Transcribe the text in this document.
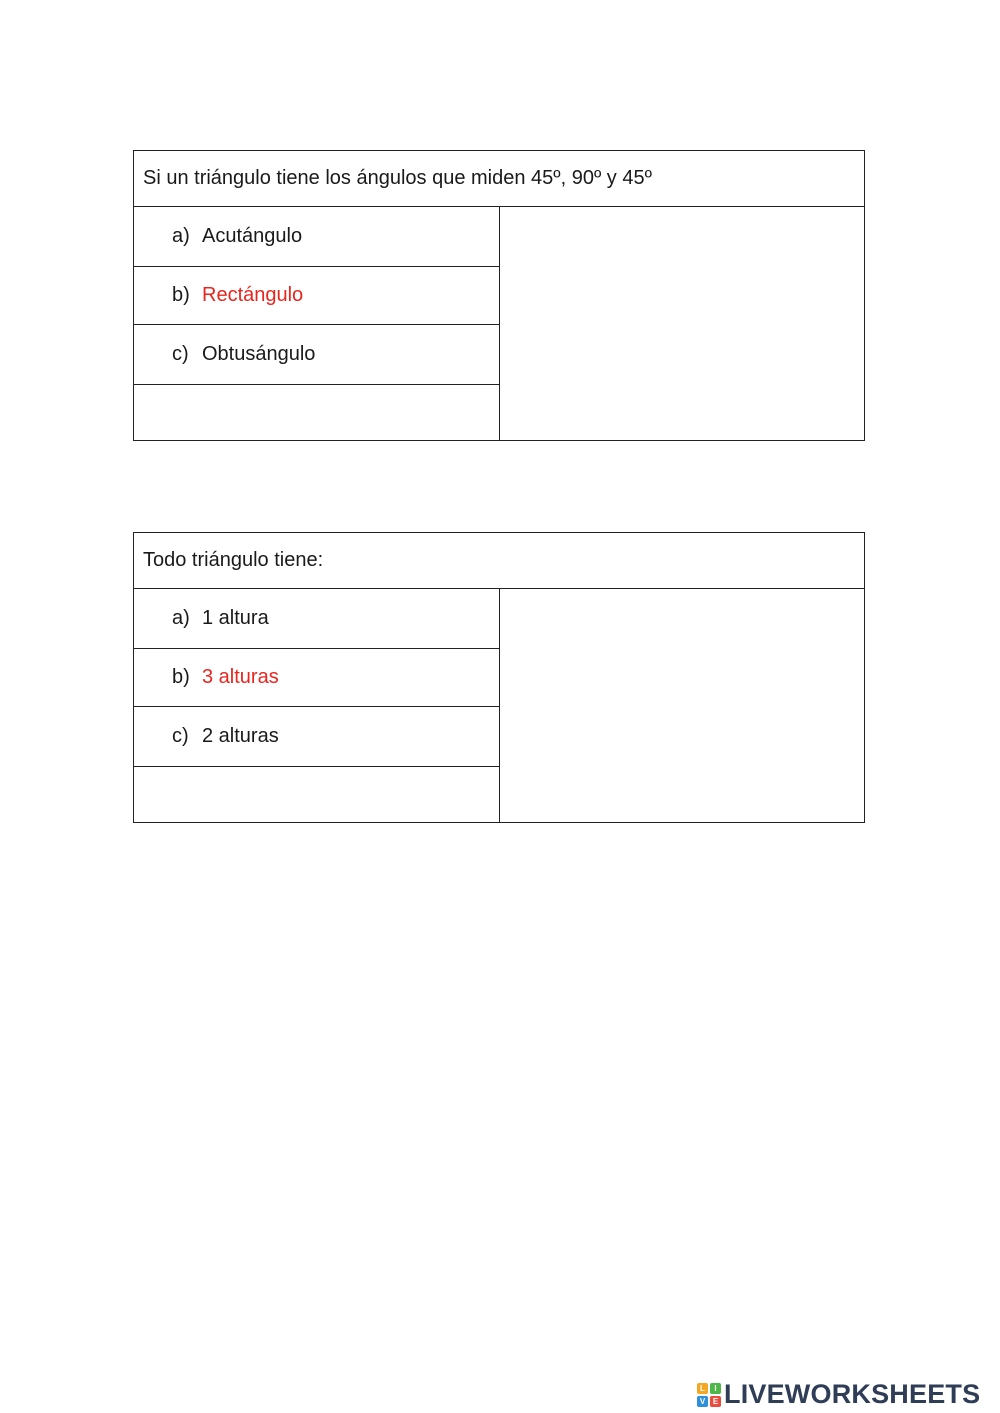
Si un triángulo tiene los ángulos que miden 45º, 90º y 45º
a) Acutángulo
b) Rectángulo
c) Obtusángulo
Todo triángulo tiene:
a) 1 altura
b) 3 alturas
c) 2 alturas
L	I
V E LIVEWORKSHEETS
